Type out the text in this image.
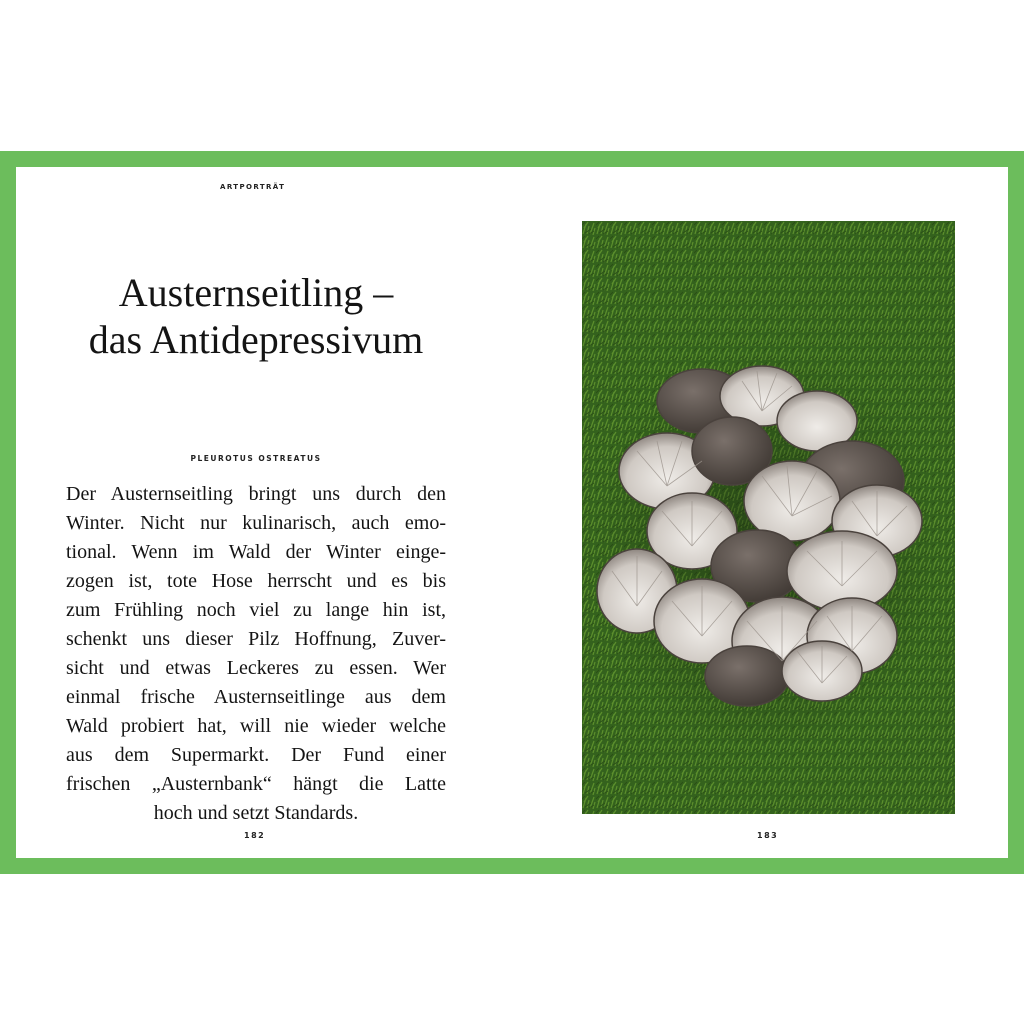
ARTPORTRÄT
Austernseitling –
das Antidepressivum
PLEUROTUS OSTREATUS
Der Austernseitling bringt uns durch den
Winter. Nicht nur kulinarisch, auch emo-
tional. Wenn im Wald der Winter einge-
zogen ist, tote Hose herrscht und es bis
zum Frühling noch viel zu lange hin ist,
schenkt uns dieser Pilz Hoffnung, Zuver-
sicht und etwas Leckeres zu essen. Wer
einmal frische Austernseitlinge aus dem
Wald probiert hat, will nie wieder welche
aus dem Supermarkt. Der Fund einer
frischen „Austernbank“ hängt die Latte
hoch und setzt Standards.
182	183
